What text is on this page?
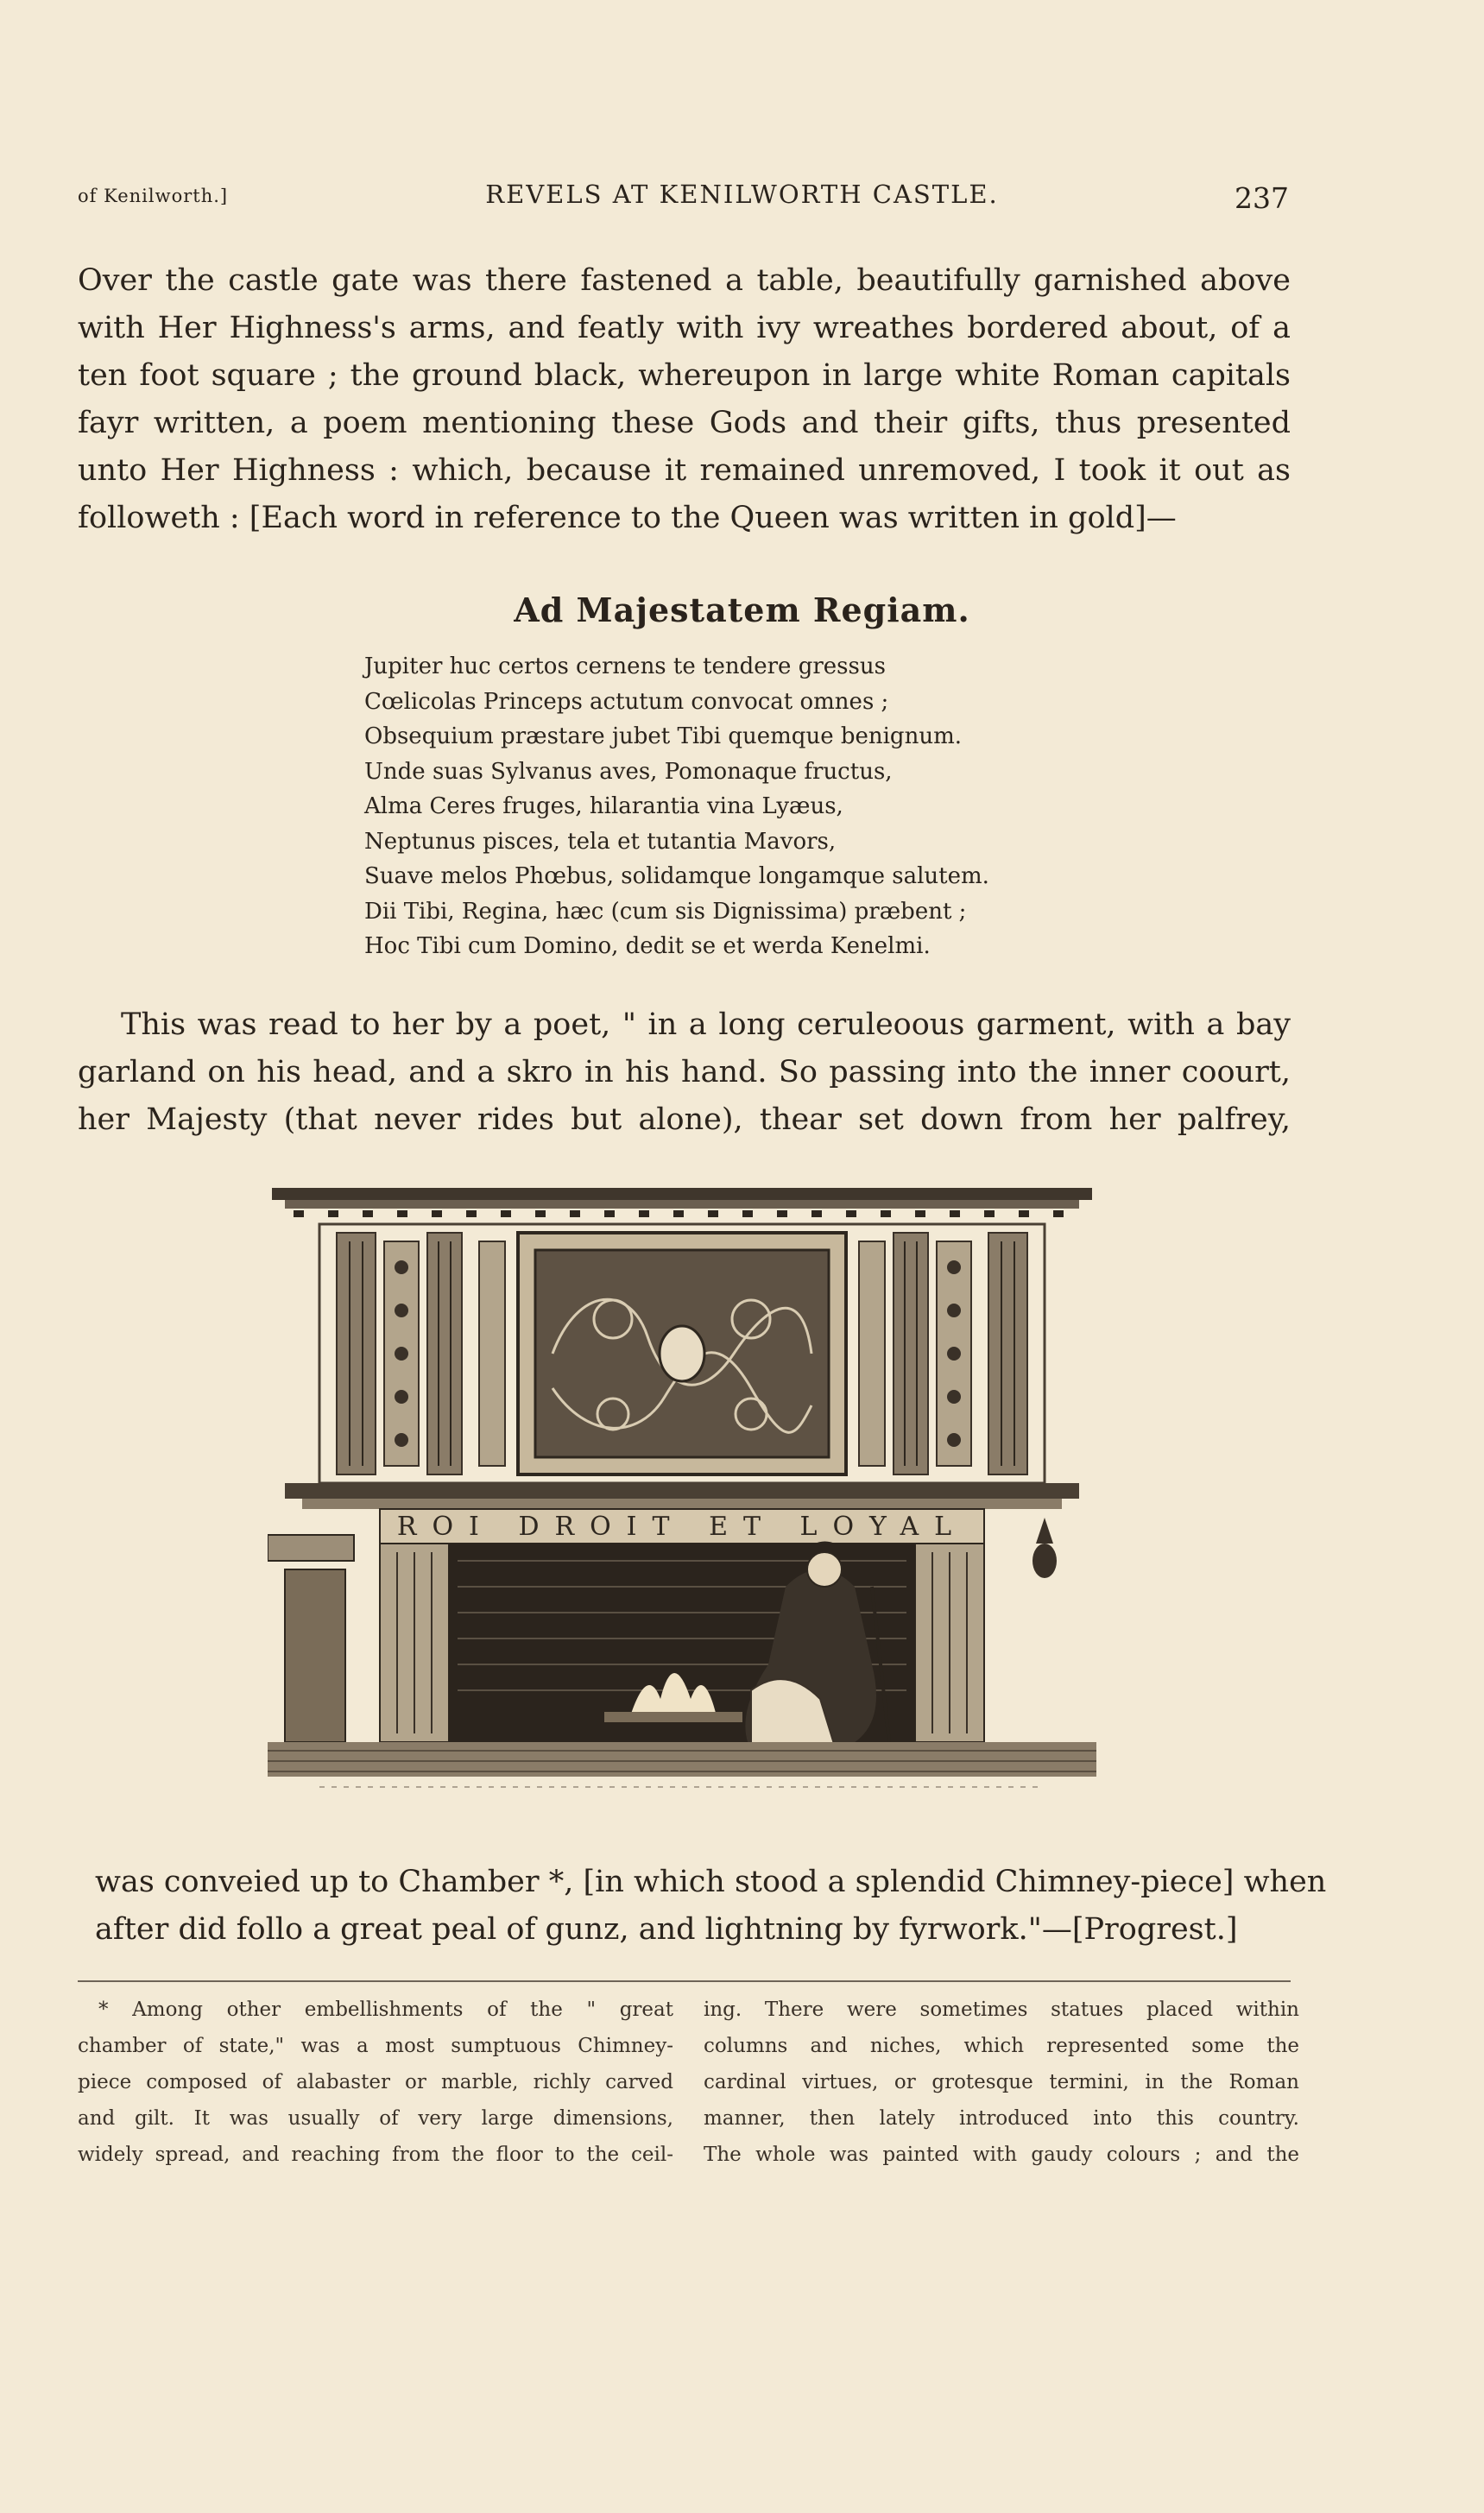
of Kenilworth.]	REVELS AT KENILWORTH CASTLE.	237
Over the castle gate was there fastened a table, beautifully garnished above
with Her Highness's arms, and featly with ivy wreathes bordered about, of a
ten foot square ; the ground black, whereupon in large white Roman capitals
fayr written, a poem mentioning these Gods and their gifts, thus presented
unto Her Highness : which, because it remained unremoved, I took it out as
followeth : [Each word in reference to the Queen was written in gold]—
Ad Majestatem Regiam.
Jupiter huc certos cernens te tendere gressus
Cœlicolas Princeps actutum convocat omnes ;
Obsequium præstare jubet Tibi quemque benignum.
Unde suas Sylvanus aves, Pomonaque fructus,
Alma Ceres fruges, hilarantia vina Lyæus,
Neptunus pisces, tela et tutantia Mavors,
Suave melos Phœbus, solidamque longamque salutem.
Dii Tibi, Regina, hæc (cum sis Dignissima) præbent ;
Hoc Tibi cum Domino, dedit se et werda Kenelmi.
This was read to her by a poet, " in a long ceruleoous garment, with a bay
garland on his head, and a skro in his hand. So passing into the inner coourt,
her Majesty (that never rides but alone), thear set down from her palfrey,
ROI DROIT ET LOYAL
was conveied up to Chamber *, [in which stood a splendid Chimney-piece] when
after did follo a great peal of gunz, and lightning by fyrwork."—[Progrest.]
* Among other embellishments of the " great
chamber of state," was a most sumptuous Chimney-
piece composed of alabaster or marble, richly carved
and gilt. It was usually of very large dimensions,
widely spread, and reaching from the floor to the ceil-
ing. There were sometimes statues placed within
columns and niches, which represented some the
cardinal virtues, or grotesque termini, in the Roman
manner, then lately introduced into this country.
The whole was painted with gaudy colours ; and the
